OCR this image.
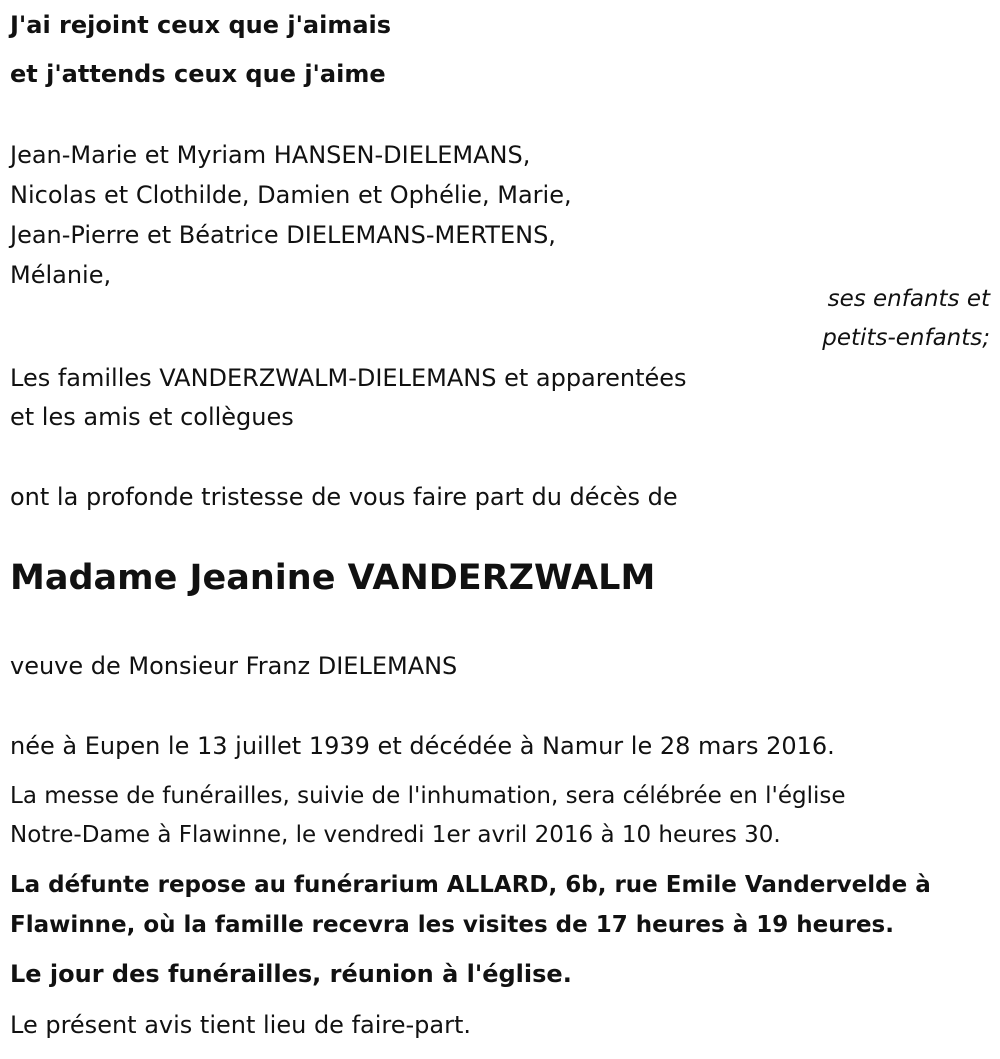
J'ai rejoint ceux que j'aimais
et j'attends ceux que j'aime
Jean-Marie et Myriam HANSEN-DIELEMANS,
Nicolas et Clothilde, Damien et Ophélie, Marie,
Jean-Pierre et Béatrice DIELEMANS-MERTENS,
Mélanie,
ses enfants et
petits-enfants;
Les familles VANDERZWALM-DIELEMANS et apparentées
et les amis et collègues
ont la profonde tristesse de vous faire part du décès de
Madame Jeanine VANDERZWALM
veuve de Monsieur Franz DIELEMANS
née à Eupen le 13 juillet 1939 et décédée à Namur le 28 mars 2016.
La messe de funérailles, suivie de l'inhumation, sera célébrée en l'église
Notre-Dame à Flawinne, le vendredi 1er avril 2016 à 10 heures 30.
La défunte repose au funérarium ALLARD, 6b, rue Emile Vandervelde à
Flawinne, où la famille recevra les visites de 17 heures à 19 heures.
Le jour des funérailles, réunion à l'église.
Le présent avis tient lieu de faire-part.
